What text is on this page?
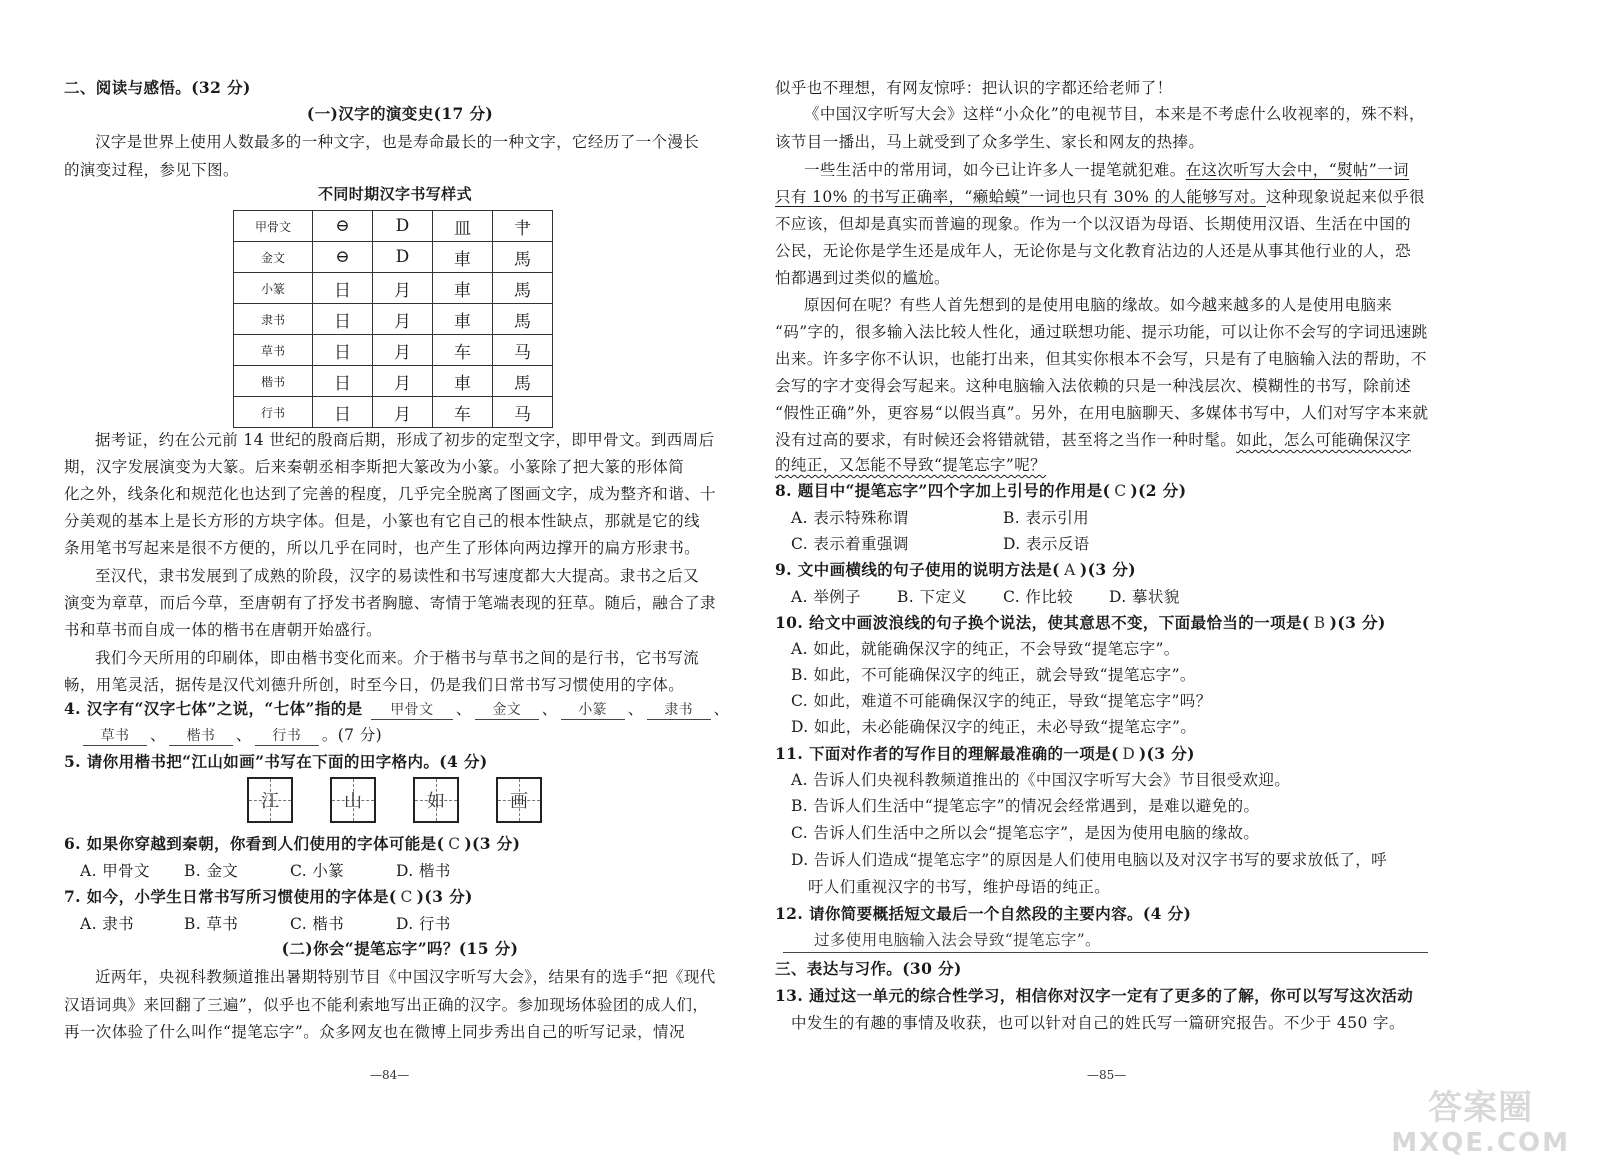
二、阅读与感悟。(32 分)
(一)汉字的演变史(17 分)
汉字是世界上使用人数最多的一种文字，也是寿命最长的一种文字，它经历了一个漫长
的演变过程，参见下图。
不同时期汉字书写样式
甲骨文	⊖	D	⽫	⺺
金文	⊖	D	車	馬
小篆	日	月	車	馬
隶书	日	月	車	馬
草书	日	月	车	马
楷书	日	月	車	馬
行书	日	月	车	马
据考证，约在公元前 14 世纪的殷商后期，形成了初步的定型文字，即甲骨文。到西周后
期，汉字发展演变为大篆。后来秦朝丞相李斯把大篆改为小篆。小篆除了把大篆的形体简
化之外，线条化和规范化也达到了完善的程度，几乎完全脱离了图画文字，成为整齐和谐、十
分美观的基本上是长方形的方块字体。但是，小篆也有它自己的根本性缺点，那就是它的线
条用笔书写起来是很不方便的，所以几乎在同时，也产生了形体向两边撑开的扁方形隶书。
至汉代，隶书发展到了成熟的阶段，汉字的易读性和书写速度都大大提高。隶书之后又
演变为章草，而后今草，至唐朝有了抒发书者胸臆、寄情于笔端表现的狂草。随后，融合了隶
书和草书而自成一体的楷书在唐朝开始盛行。
我们今天所用的印刷体，即由楷书变化而来。介于楷书与草书之间的是行书，它书写流
畅，用笔灵活，据传是汉代刘德升所创，时至今日，仍是我们日常书写习惯使用的字体。
4. 汉字有“汉字七体”之说，“七体”指的是 甲骨文 、 金文 、 小篆 、 隶书 、
草书 、 楷书 、 行书 。(7 分)
5. 请你用楷书把“江山如画”书写在下面的田字格内。(4 分)
江	山	如	画
6. 如果你穿越到秦朝，你看到人们使用的字体可能是( C )(3 分)
A. 甲骨文 B. 金文	C. 小篆	D. 楷书
7. 如今，小学生日常书写所习惯使用的字体是( C )(3 分)
A. 隶书	B. 草书	C. 楷书	D. 行书
(二)你会“提笔忘字”吗？(15 分)
近两年，央视科教频道推出暑期特别节目《中国汉字听写大会》，结果有的选手“把《现代
汉语词典》来回翻了三遍”，似乎也不能利索地写出正确的汉字。参加现场体验团的成人们，
再一次体验了什么叫作“提笔忘字”。众多网友也在微博上同步秀出自己的听写记录，情况
—84—
似乎也不理想，有网友惊呼：把认识的字都还给老师了！
《中国汉字听写大会》这样“小众化”的电视节目，本来是不考虑什么收视率的，殊不料，
该节目一播出，马上就受到了众多学生、家长和网友的热捧。
一些生活中的常用词，如今已让许多人一提笔就犯难。在这次听写大会中，“熨帖”一词
只有 10% 的书写正确率，“癞蛤蟆”一词也只有 30% 的人能够写对。这种现象说起来似乎很
不应该，但却是真实而普遍的现象。作为一个以汉语为母语、长期使用汉语、生活在中国的
公民，无论你是学生还是成年人，无论你是与文化教育沾边的人还是从事其他行业的人，恐
怕都遇到过类似的尴尬。
原因何在呢？有些人首先想到的是使用电脑的缘故。如今越来越多的人是使用电脑来
“码”字的，很多输入法比较人性化，通过联想功能、提示功能，可以让你不会写的字词迅速跳
出来。许多字你不认识，也能打出来，但其实你根本不会写，只是有了电脑输入法的帮助，不
会写的字才变得会写起来。这种电脑输入法依赖的只是一种浅层次、模糊性的书写，除前述
“假性正确”外，更容易“以假当真”。另外，在用电脑聊天、多媒体书写中，人们对写字本来就
没有过高的要求，有时候还会将错就错，甚至将之当作一种时髦。如此，怎么可能确保汉字
的纯正，又怎能不导致“提笔忘字”呢？
8. 题目中“提笔忘字”四个字加上引号的作用是( C )(2 分)
A. 表示特殊称谓	B. 表示引用
C. 表示着重强调	D. 表示反语
9. 文中画横线的句子使用的说明方法是( A )(3 分)
A. 举例子 B. 下定义 C. 作比较 D. 摹状貌
10. 给文中画波浪线的句子换个说法，使其意思不变，下面最恰当的一项是( B )(3 分)
A. 如此，就能确保汉字的纯正，不会导致“提笔忘字”。
B. 如此，不可能确保汉字的纯正，就会导致“提笔忘字”。
C. 如此，难道不可能确保汉字的纯正，导致“提笔忘字”吗？
D. 如此，未必能确保汉字的纯正，未必导致“提笔忘字”。
11. 下面对作者的写作目的理解最准确的一项是( D )(3 分)
A. 告诉人们央视科教频道推出的《中国汉字听写大会》节目很受欢迎。
B. 告诉人们生活中“提笔忘字”的情况会经常遇到，是难以避免的。
C. 告诉人们生活中之所以会“提笔忘字”，是因为使用电脑的缘故。
D. 告诉人们造成“提笔忘字”的原因是人们使用电脑以及对汉字书写的要求放低了，呼
吁人们重视汉字的书写，维护母语的纯正。
12. 请你简要概括短文最后一个自然段的主要内容。(4 分)
过多使用电脑输入法会导致“提笔忘字”。
三、表达与习作。(30 分)
13. 通过这一单元的综合性学习，相信你对汉字一定有了更多的了解，你可以写写这次活动
中发生的有趣的事情及收获，也可以针对自己的姓氏写一篇研究报告。不少于 450 字。
—85—
答案圈
MXQE.COM
